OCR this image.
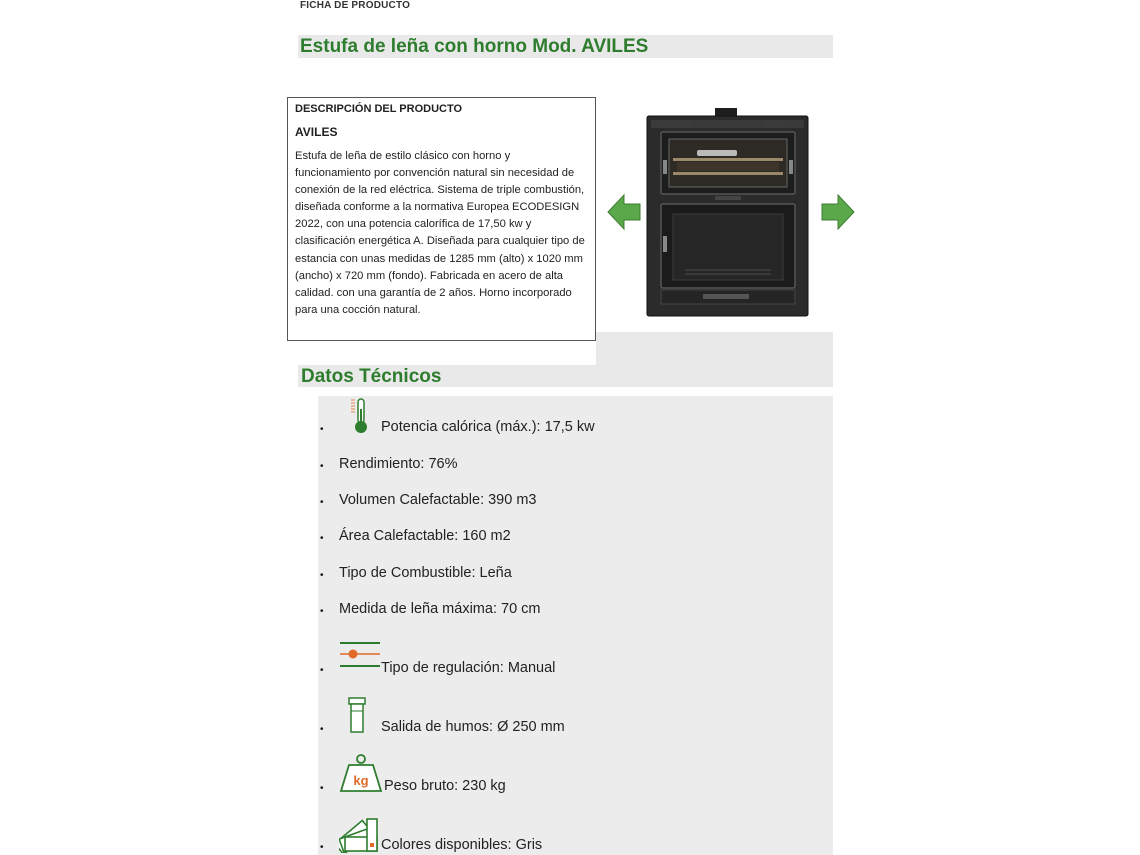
FICHA DE PRODUCTO
Estufa de leña con horno Mod. AVILES
DESCRIPCIÓN DEL PRODUCTO
AVILES
Estufa de leña de estilo clásico con horno y funcionamiento por convención natural sin necesidad de conexión de la red eléctrica. Sistema de triple combustión, diseñada conforme a la normativa Europea ECODESIGN 2022, con una potencia calorífica de 17,50 kw y clasificación energética A. Diseñada para cualquier tipo de estancia con unas medidas de 1285 mm (alto) x 1020 mm (ancho) x 720 mm (fondo). Fabricada en acero de alta calidad. con una garantía de 2 años. Horno incorporado para una cocción natural.
Datos Técnicos
•	Potencia calórica (máx.): 17,5 kw
• Rendimiento: 76%
• Volumen Calefactable: 390 m3
• Área Calefactable: 160 m2
• Tipo de Combustible: Leña
• Medida de leña máxima: 70 cm
•	Tipo de regulación: Manual
•	Salida de humos: Ø 250 mm
kg
•	Peso bruto: 230 kg
•	Colores disponibles: Gris
